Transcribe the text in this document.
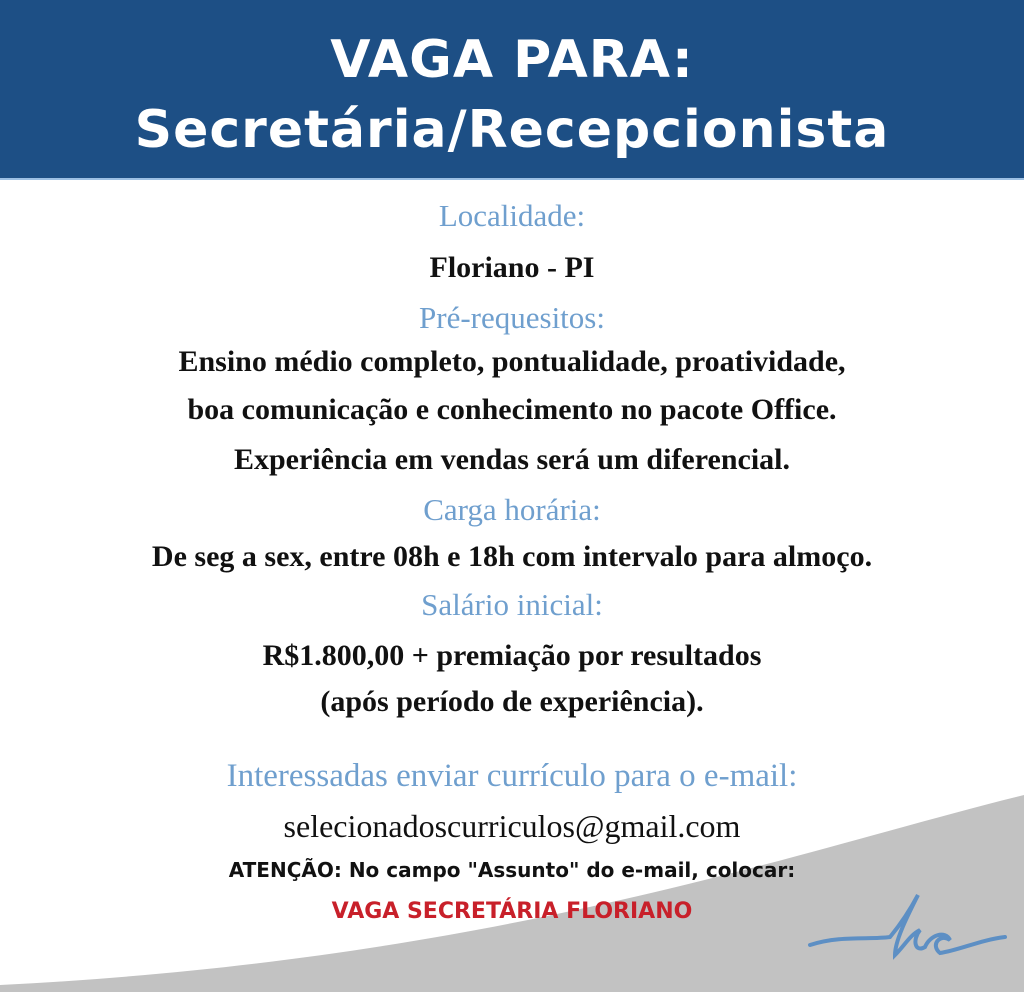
VAGA PARA:
Secretária/Recepcionista
Localidade:
Floriano - PI
Pré-requesitos:
Ensino médio completo, pontualidade, proatividade,
boa comunicação e conhecimento no pacote Office.
Experiência em vendas será um diferencial.
Carga horária:
De seg a sex, entre 08h e 18h com intervalo para almoço.
Salário inicial:
R$1.800,00 + premiação por resultados
(após período de experiência).
Interessadas enviar currículo para o e-mail:
selecionadoscurriculos@gmail.com
ATENÇÃO: No campo "Assunto" do e-mail, colocar:
VAGA SECRETÁRIA FLORIANO
